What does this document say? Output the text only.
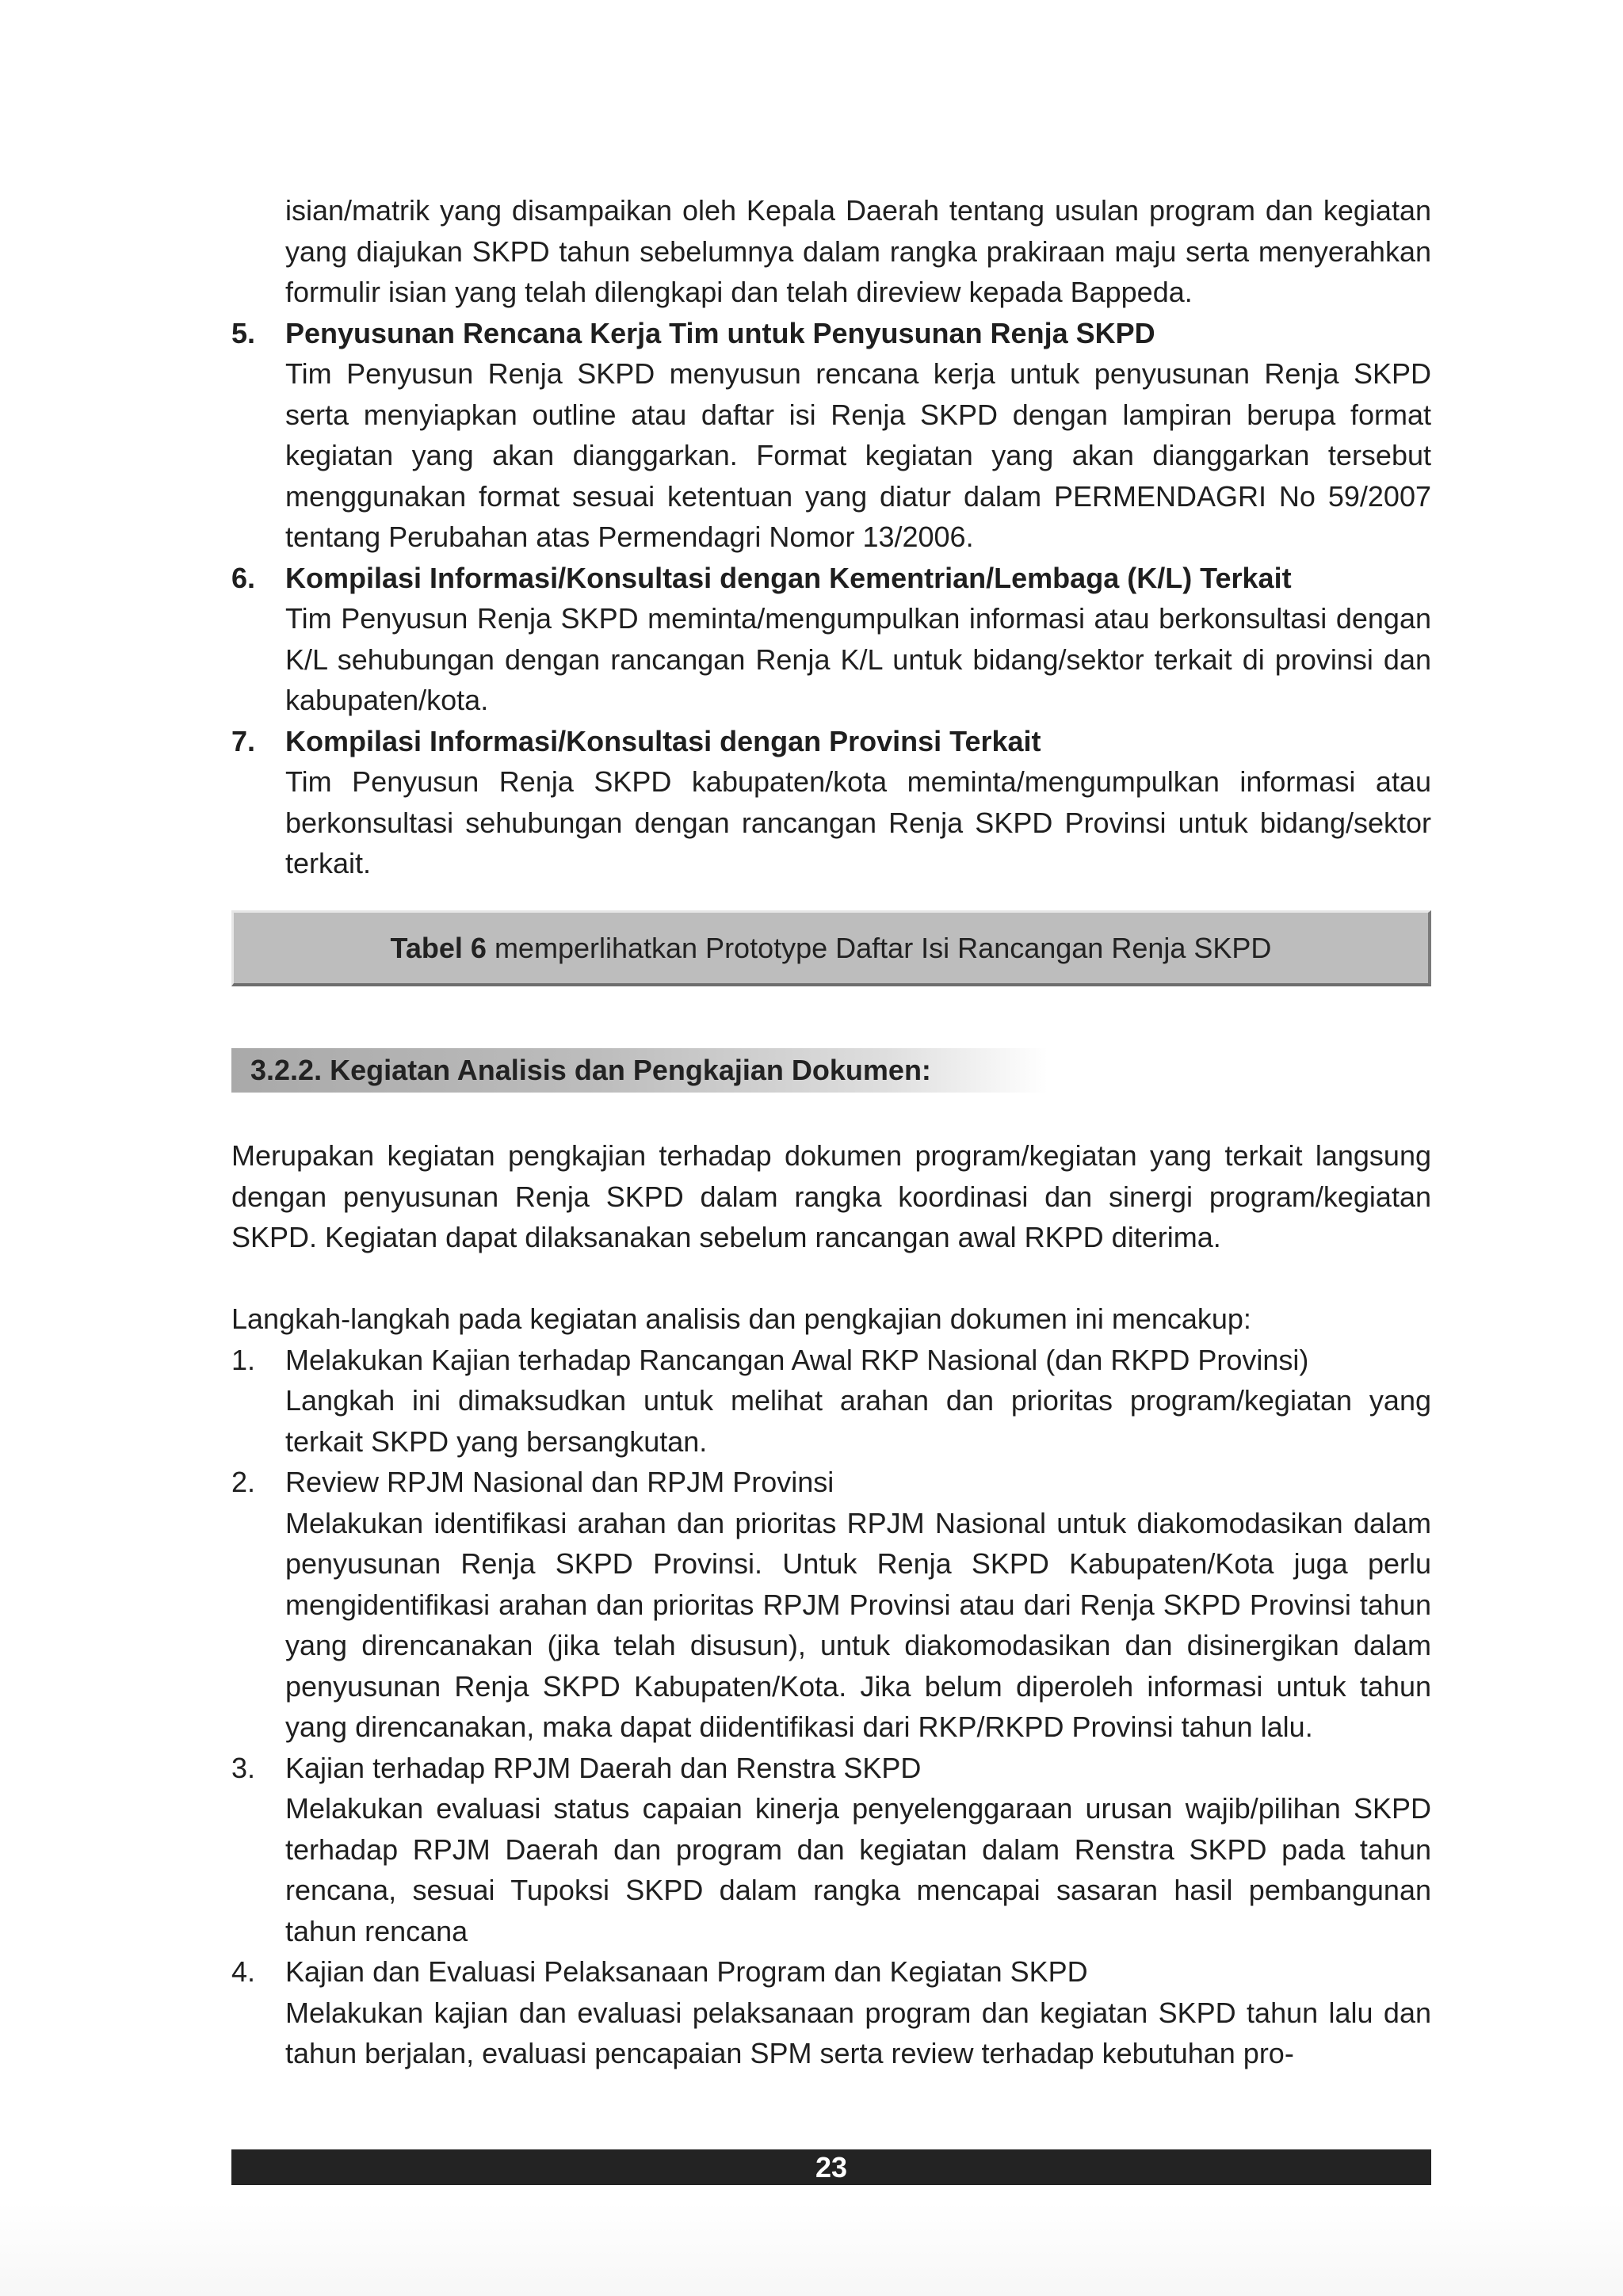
isian/matrik yang disampaikan oleh Kepala Daerah tentang usulan program dan kegiatan yang diajukan SKPD tahun sebelumnya dalam rangka prakiraan maju serta menyerahkan formulir isian yang telah dilengkapi dan telah direview kepada Bappeda.

5. Penyusunan Rencana Kerja Tim untuk Penyusunan Renja SKPD

Tim Penyusun Renja SKPD menyusun rencana kerja untuk penyusunan Renja SKPD serta menyiapkan outline atau daftar isi Renja SKPD dengan lampiran berupa format kegiatan yang akan dianggarkan. Format kegiatan yang akan dianggarkan tersebut menggunakan format sesuai ketentuan yang diatur dalam PERMENDAGRI No 59/2007 tentang Perubahan atas Permendagri Nomor 13/2006.

6. Kompilasi Informasi/Konsultasi dengan Kementrian/Lembaga (K/L) Terkait

Tim Penyusun Renja SKPD meminta/mengumpulkan informasi atau berkonsultasi dengan K/L sehubungan dengan rancangan Renja K/L untuk bidang/sektor terkait di provinsi dan kabupaten/kota.

7. Kompilasi Informasi/Konsultasi dengan Provinsi Terkait

Tim Penyusun Renja SKPD kabupaten/kota meminta/mengumpulkan informasi atau berkonsultasi sehubungan dengan rancangan Renja SKPD Provinsi untuk bidang/sektor terkait.

Tabel 6 memperlihatkan Prototype Daftar Isi Rancangan Renja SKPD
3.2.2. Kegiatan Analisis dan Pengkajian Dokumen:

Merupakan kegiatan pengkajian terhadap dokumen program/kegiatan yang terkait langsung dengan penyusunan Renja SKPD dalam rangka koordinasi dan sinergi program/kegiatan SKPD. Kegiatan dapat dilaksanakan sebelum rancangan awal RKPD diterima.

Langkah-langkah pada kegiatan analisis dan pengkajian dokumen ini mencakup:

1. Melakukan Kajian terhadap Rancangan Awal RKP Nasional (dan RKPD Provinsi)

Langkah ini dimaksudkan untuk melihat arahan dan prioritas program/kegiatan yang terkait SKPD yang bersangkutan.

2. Review RPJM Nasional dan RPJM Provinsi

Melakukan identifikasi arahan dan prioritas RPJM Nasional untuk diakomodasikan dalam penyusunan Renja SKPD Provinsi. Untuk Renja SKPD Kabupaten/Kota juga perlu mengidentifikasi arahan dan prioritas RPJM Provinsi atau dari Renja SKPD Provinsi tahun yang direncanakan (jika telah disusun), untuk diakomodasikan dan disinergikan dalam penyusunan Renja SKPD Kabupaten/Kota. Jika belum diperoleh informasi untuk tahun yang direncanakan, maka dapat diidentifikasi dari RKP/RKPD Provinsi tahun lalu.

3. Kajian terhadap RPJM Daerah dan Renstra SKPD

Melakukan evaluasi status capaian kinerja penyelenggaraan urusan wajib/pilihan SKPD terhadap RPJM Daerah dan program dan kegiatan dalam Renstra SKPD pada tahun rencana, sesuai Tupoksi SKPD dalam rangka mencapai sasaran hasil pembangunan tahun rencana

4. Kajian dan Evaluasi Pelaksanaan Program dan Kegiatan SKPD

Melakukan kajian dan evaluasi pelaksanaan program dan kegiatan SKPD tahun lalu dan tahun berjalan, evaluasi pencapaian SPM serta review terhadap kebutuhan pro-

23
